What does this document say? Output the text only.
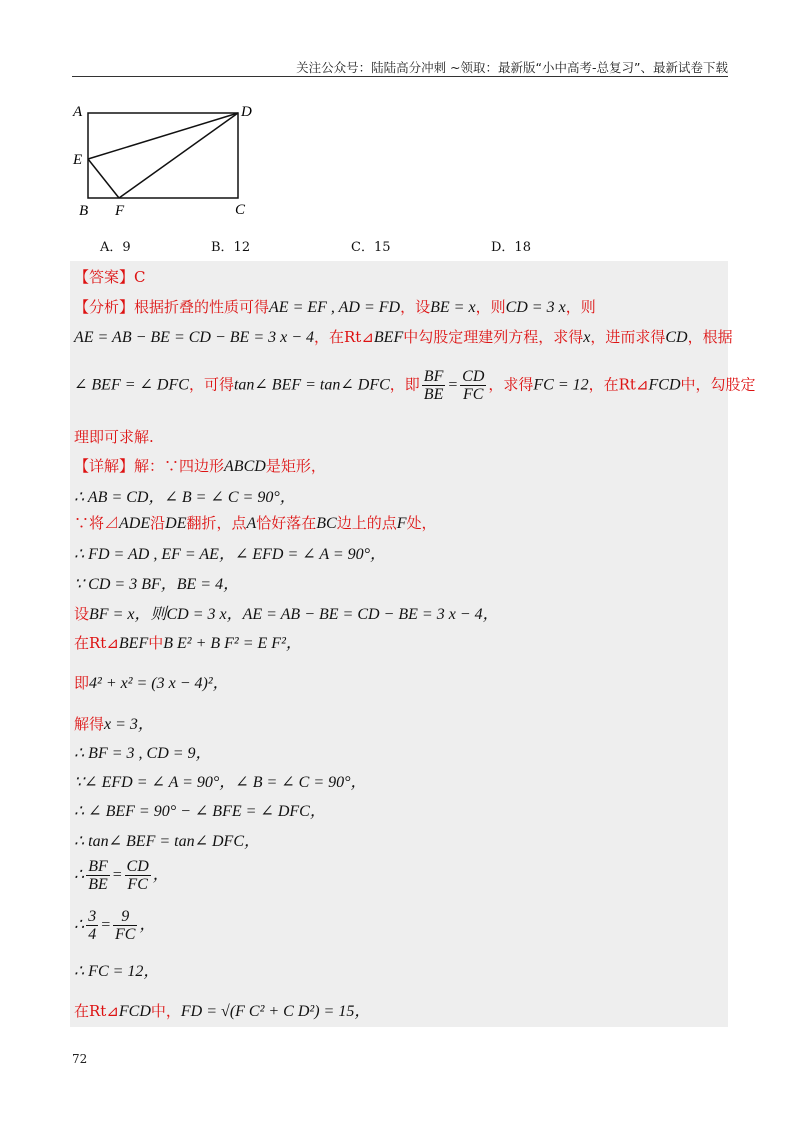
关注公众号：陆陆高分冲刺 ~领取：最新版“小中高考-总复习”、最新试卷下载
A	D
E
B F	C
A．9	B．12	C．15	D．18
【答案】C
【分析】根据折叠的性质可得AE = EF , AD = FD，设BE = x，则CD = 3 x，则
AE = AB − BE = CD − BE = 3 x − 4，在Rt⊿BEF中勾股定理建列方程，求得x，进而求得CD，根据
∠ BEF = ∠ DFC，可得tan∠ BEF = tan∠ DFC，即 $\frac{BF}{BE} = \frac{CD}{FC}$ ，求得FC = 12，在Rt⊿FCD中，勾股定
理即可求解.
【详解】解：∵四边形ABCD是矩形，
∴ AB = CD，∠ B = ∠ C = 90°，
∵将⊿ADE沿DE翻折，点A恰好落在BC边上的点F处，
∴ FD = AD , EF = AE，∠ EFD = ∠ A = 90°，
∵ CD = 3 BF，BE = 4，
设BF = x，则CD = 3 x，AE = AB − BE = CD − BE = 3 x − 4，
在Rt⊿BEF中B E² + B F² = E F²，
即4² + x² = (3 x − 4)²，
解得x = 3，
∴ BF = 3 , CD = 9，
∵∠ EFD = ∠ A = 90°，∠ B = ∠ C = 90°，
∴ ∠ BEF = 90° − ∠ BFE = ∠ DFC，
∴ tan∠ BEF = tan∠ DFC，
∴ $\frac{BF}{BE} = \frac{CD}{FC}$ ，
∴ $\frac{3}{4} = \frac{9}{FC}$ ，
∴ FC = 12，
在Rt⊿FCD中，FD = √(F C² + C D²) = 15，
72
